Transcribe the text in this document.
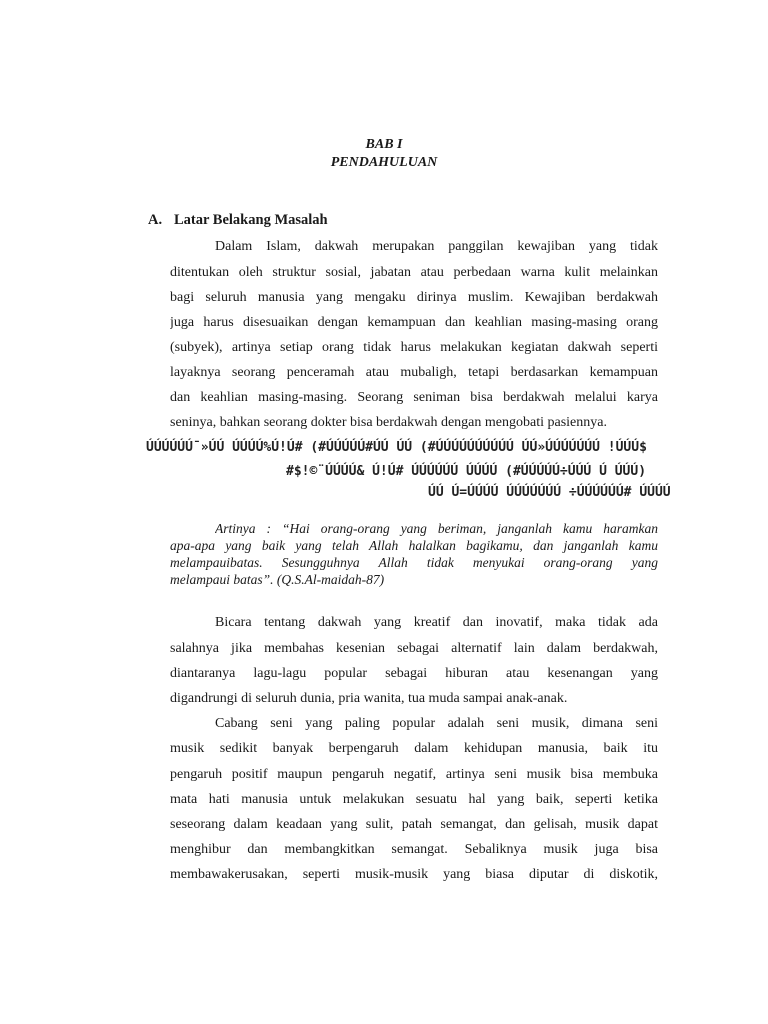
BAB I
PENDAHULUAN
A. Latar Belakang Masalah
Dalam Islam, dakwah merupakan panggilan kewajiban yang tidak
ditentukan oleh struktur sosial, jabatan atau perbedaan warna kulit melainkan
bagi seluruh manusia yang mengaku dirinya muslim. Kewajiban berdakwah
juga harus disesuaikan dengan kemampuan dan keahlian masing-masing orang
(subyek), artinya setiap orang tidak harus melakukan kegiatan dakwah seperti
layaknya seorang penceramah atau mubaligh, tetapi berdasarkan kemampuan
dan keahlian masing-masing. Seorang seniman bisa berdakwah melalui karya
seninya, bahkan seorang dokter bisa berdakwah dengan mengobati pasiennya.
ÚÚÚÚÚÚ¯»ÚÚ ÚÚÚÚ%Ú!Ú# (#ÚÚÚÚÚ#ÚÚ ÚÚ (#ÚÚÚÚÚÚÚÚÚÚ ÚÚ»ÚÚÚÚÚÚÚ !ÚÚÚ$
#$!©¨ÚÚÚÚ& Ú!Ú# ÚÚÚÚÚÚ ÚÚÚÚ (#ÚÚÚÚÚ÷ÚÚÚ Ú ÚÚÚ)
ÚÚ Ú=ÚÚÚÚ ÚÚÚÚÚÚÚ ÷ÚÚÚÚÚÚ# ÚÚÚÚ
Artinya : “Hai orang-orang yang beriman, janganlah kamu haramkan
apa-apa yang baik yang telah Allah halalkan bagikamu, dan janganlah kamu
melampauibatas. Sesungguhnya Allah tidak menyukai orang-orang yang
melampaui batas”. (Q.S.Al-maidah-87)
Bicara tentang dakwah yang kreatif dan inovatif, maka tidak ada
salahnya jika membahas kesenian sebagai alternatif lain dalam berdakwah,
diantaranya lagu-lagu popular sebagai hiburan atau kesenangan yang
digandrungi di seluruh dunia, pria wanita, tua muda sampai anak-anak.
Cabang seni yang paling popular adalah seni musik, dimana seni
musik sedikit banyak berpengaruh dalam kehidupan manusia, baik itu
pengaruh positif maupun pengaruh negatif, artinya seni musik bisa membuka
mata hati manusia untuk melakukan sesuatu hal yang baik, seperti ketika
seseorang dalam keadaan yang sulit, patah semangat, dan gelisah, musik dapat
menghibur dan membangkitkan semangat. Sebaliknya musik juga bisa
membawakerusakan, seperti musik-musik yang biasa diputar di diskotik,
